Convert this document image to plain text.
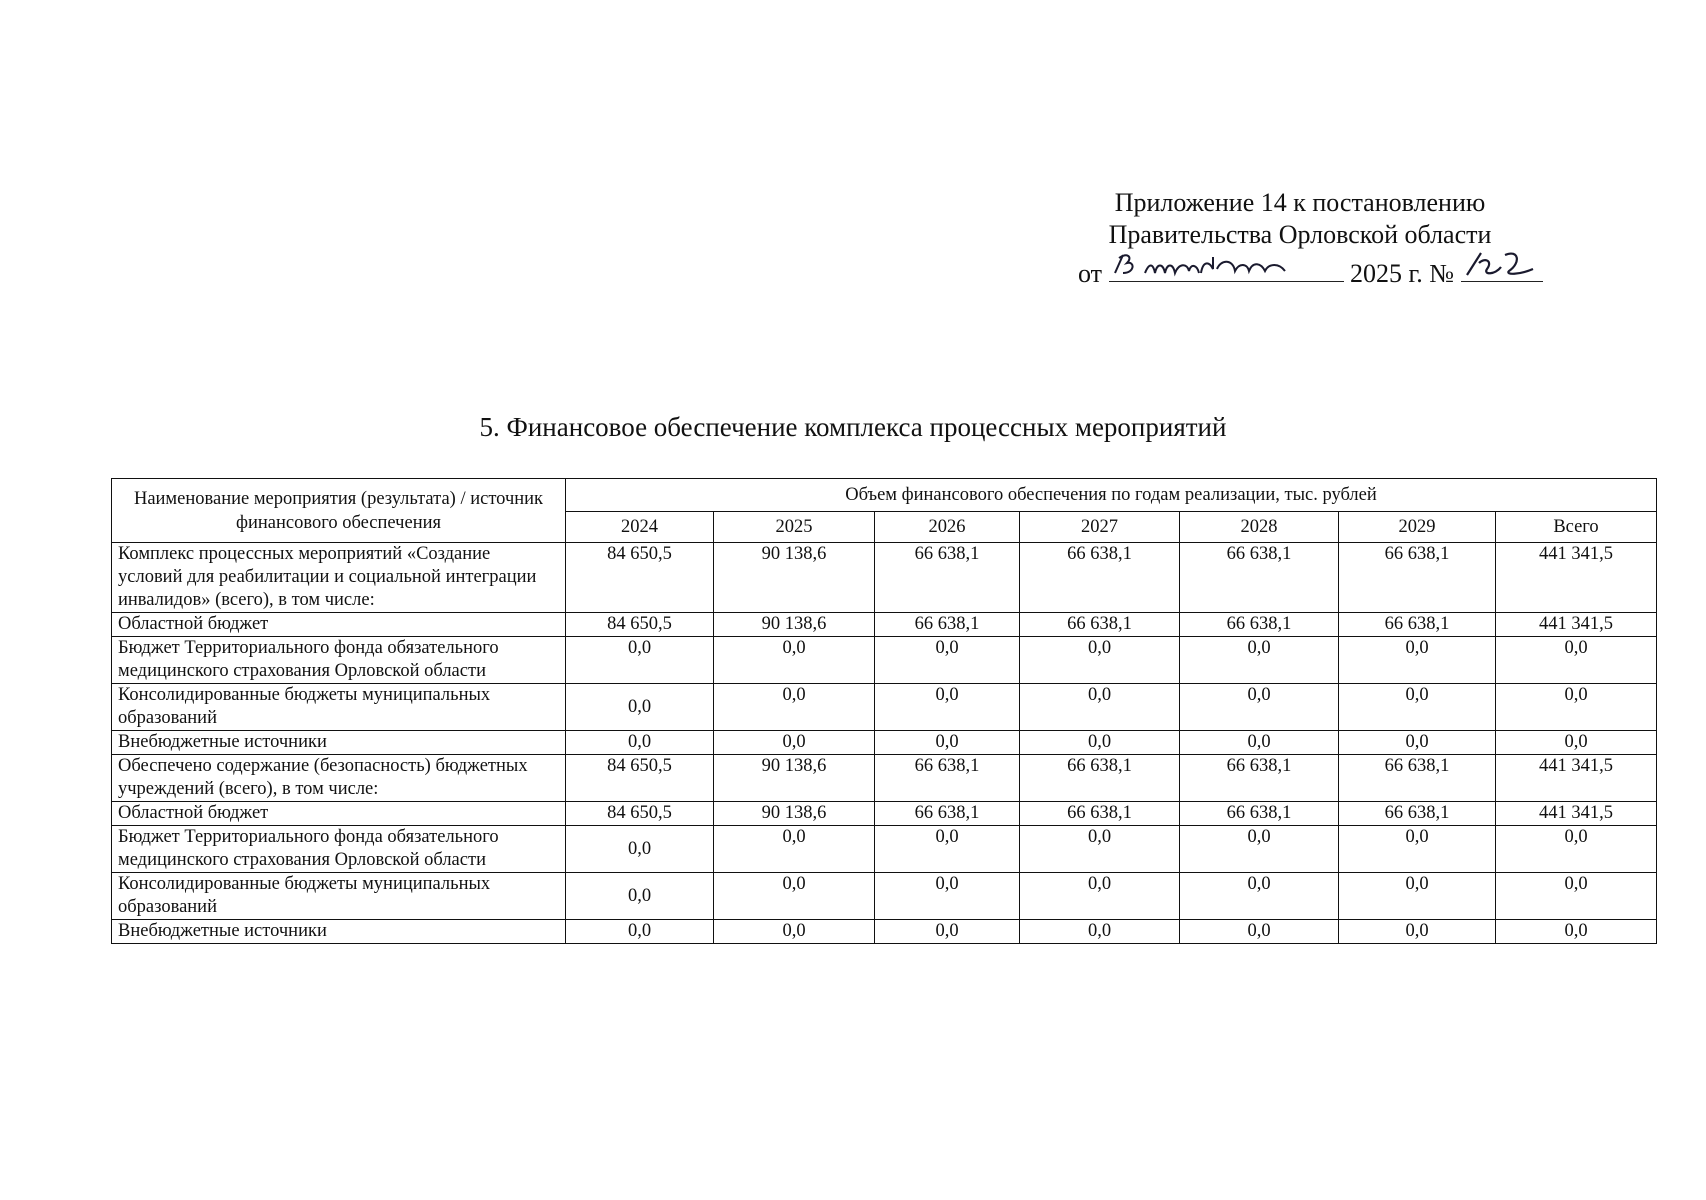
Приложение 14 к постановлению
Правительства Орловской области
от	2025 г. №
5. Финансовое обеспечение комплекса процессных мероприятий
Наименование мероприятия (результата) / источник финансового обеспечения	Объем финансового обеспечения по годам реализации, тыс. рублей						
	2024	2025	2026	2027	2028	2029	Всего
Комплекс процессных мероприятий «Создание условий для реабилитации и социальной интеграции инвалидов» (всего), в том числе:	84 650,5	90 138,6	66 638,1	66 638,1	66 638,1	66 638,1	441 341,5
Областной бюджет	84 650,5	90 138,6	66 638,1	66 638,1	66 638,1	66 638,1	441 341,5
Бюджет Территориального фонда обязательного медицинского страхования Орловской области	0,0	0,0	0,0	0,0	0,0	0,0	0,0
Консолидированные бюджеты муниципальных образований	0,0	0,0	0,0	0,0	0,0	0,0	0,0
Внебюджетные источники	0,0	0,0	0,0	0,0	0,0	0,0	0,0
Обеспечено содержание (безопасность) бюджетных учреждений (всего), в том числе:	84 650,5	90 138,6	66 638,1	66 638,1	66 638,1	66 638,1	441 341,5
Областной бюджет	84 650,5	90 138,6	66 638,1	66 638,1	66 638,1	66 638,1	441 341,5
Бюджет Территориального фонда обязательного медицинского страхования Орловской области	0,0	0,0	0,0	0,0	0,0	0,0	0,0
Консолидированные бюджеты муниципальных образований	0,0	0,0	0,0	0,0	0,0	0,0	0,0
Внебюджетные источники	0,0	0,0	0,0	0,0	0,0	0,0	0,0
